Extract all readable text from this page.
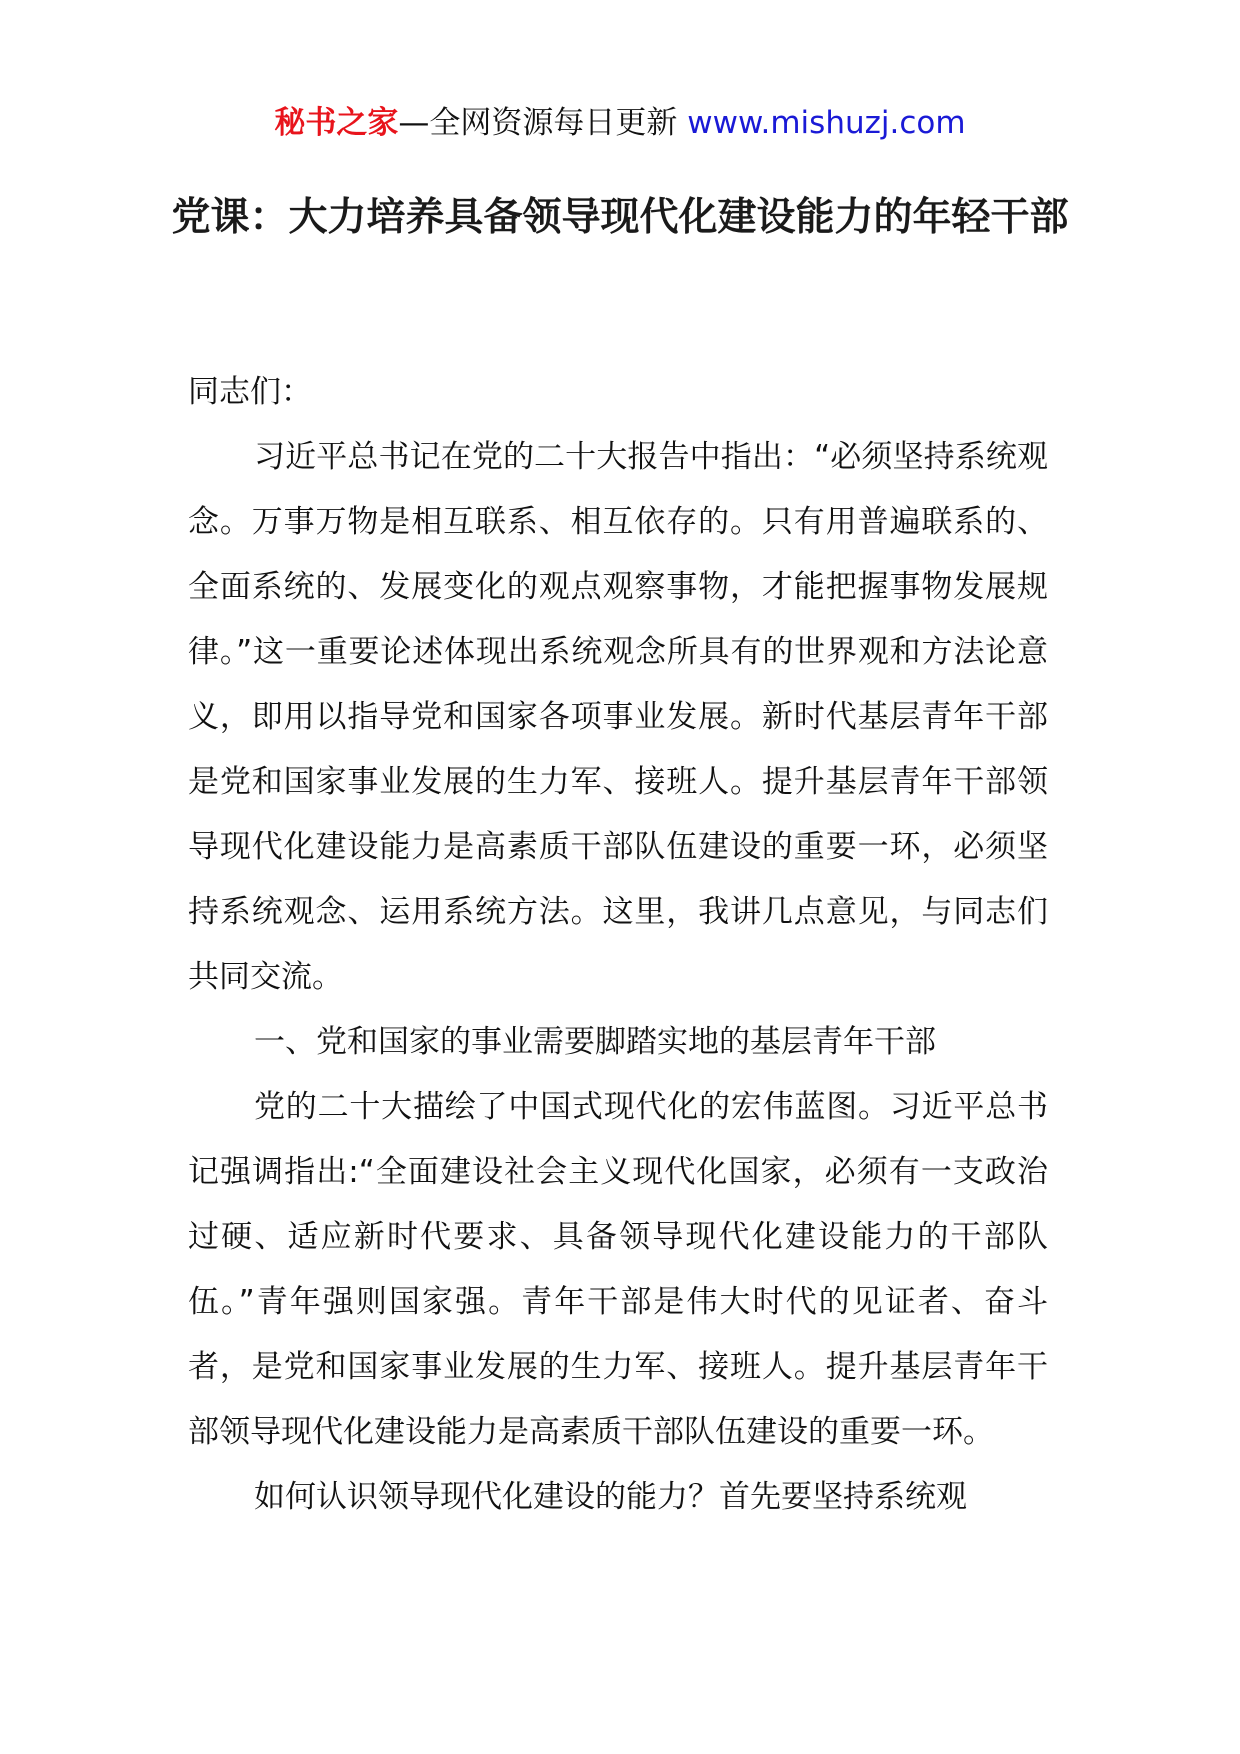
秘书之家—全网资源每日更新 www.mishuzj.com
党课：大力培养具备领导现代化建设能力的年轻干部

同志们：

习近平总书记在党的二十大报告中指出：“必须坚持系统观念。万事万物是相互联系、相互依存的。只有用普遍联系的、全面系统的、发展变化的观点观察事物，才能把握事物发展规律。”这一重要论述体现出系统观念所具有的世界观和方法论意义，即用以指导党和国家各项事业发展。新时代基层青年干部是党和国家事业发展的生力军、接班人。提升基层青年干部领导现代化建设能力是高素质干部队伍建设的重要一环，必须坚持系统观念、运用系统方法。这里，我讲几点意见，与同志们共同交流。

一、党和国家的事业需要脚踏实地的基层青年干部

党的二十大描绘了中国式现代化的宏伟蓝图。习近平总书记强调指出:“全面建设社会主义现代化国家，必须有一支政治过硬、适应新时代要求、具备领导现代化建设能力的干部队伍。”青年强则国家强。青年干部是伟大时代的见证者、奋斗者，是党和国家事业发展的生力军、接班人。提升基层青年干部领导现代化建设能力是高素质干部队伍建设的重要一环。

如何认识领导现代化建设的能力？首先要坚持系统观
